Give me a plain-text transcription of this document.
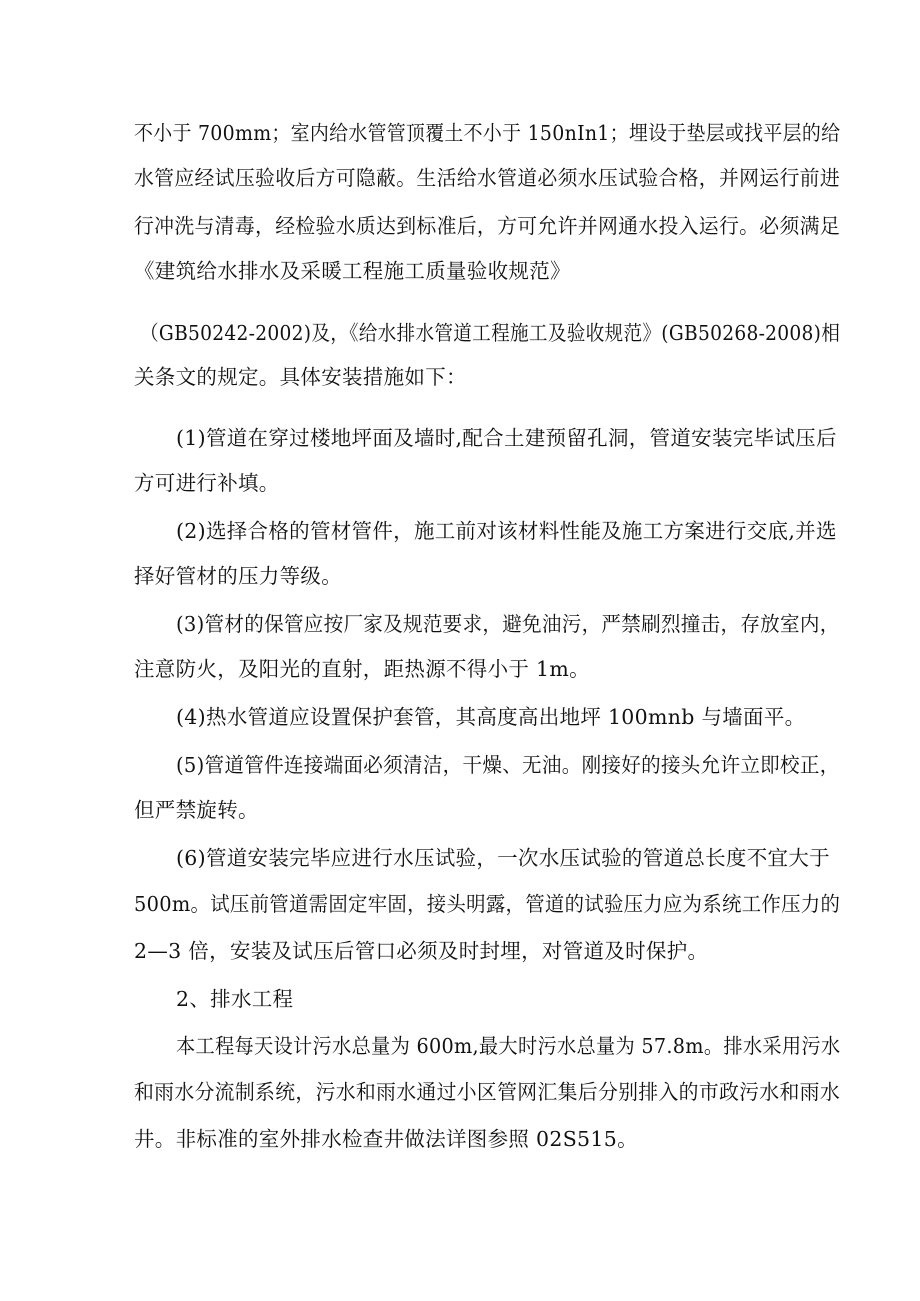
不小于 700mm；室内给水管管顶覆土不小于 150nIn1；埋设于垫层或找平层的给
水管应经试压验收后方可隐蔽。生活给水管道必须水压试验合格，并网运行前进
行冲洗与清毒，经检验水质达到标准后，方可允许并网通水投入运行。必须满足
《建筑给水排水及采暖工程施工质量验收规范》
（GB50242-2002)及，《给水排水管道工程施工及验收规范》(GB50268-2008)相
关条文的规定。具体安装措施如下：
(1)管道在穿过楼地坪面及墙时,配合土建预留孔洞，管道安装完毕试压后
方可进行补填。
(2)选择合格的管材管件，施工前对该材料性能及施工方案进行交底,并选
择好管材的压力等级。
(3)管材的保管应按厂家及规范要求，避免油污，严禁刷烈撞击，存放室内，
注意防火，及阳光的直射，距热源不得小于 1m。
(4)热水管道应设置保护套管，其高度高出地坪 100mnb 与墙面平。
(5)管道管件连接端面必须清洁，干燥、无油。刚接好的接头允许立即校正，
但严禁旋转。
(6)管道安装完毕应进行水压试验，一次水压试验的管道总长度不宜大于
500m。试压前管道需固定牢固，接头明露，管道的试验压力应为系统工作压力的
2—3 倍，安装及试压后管口必须及时封埋，对管道及时保护。
2、排水工程
本工程每天设计污水总量为 600m,最大时污水总量为 57.8m。排水采用污水
和雨水分流制系统，污水和雨水通过小区管网汇集后分别排入的市政污水和雨水
井。非标准的室外排水检查井做法详图参照 02S515。
